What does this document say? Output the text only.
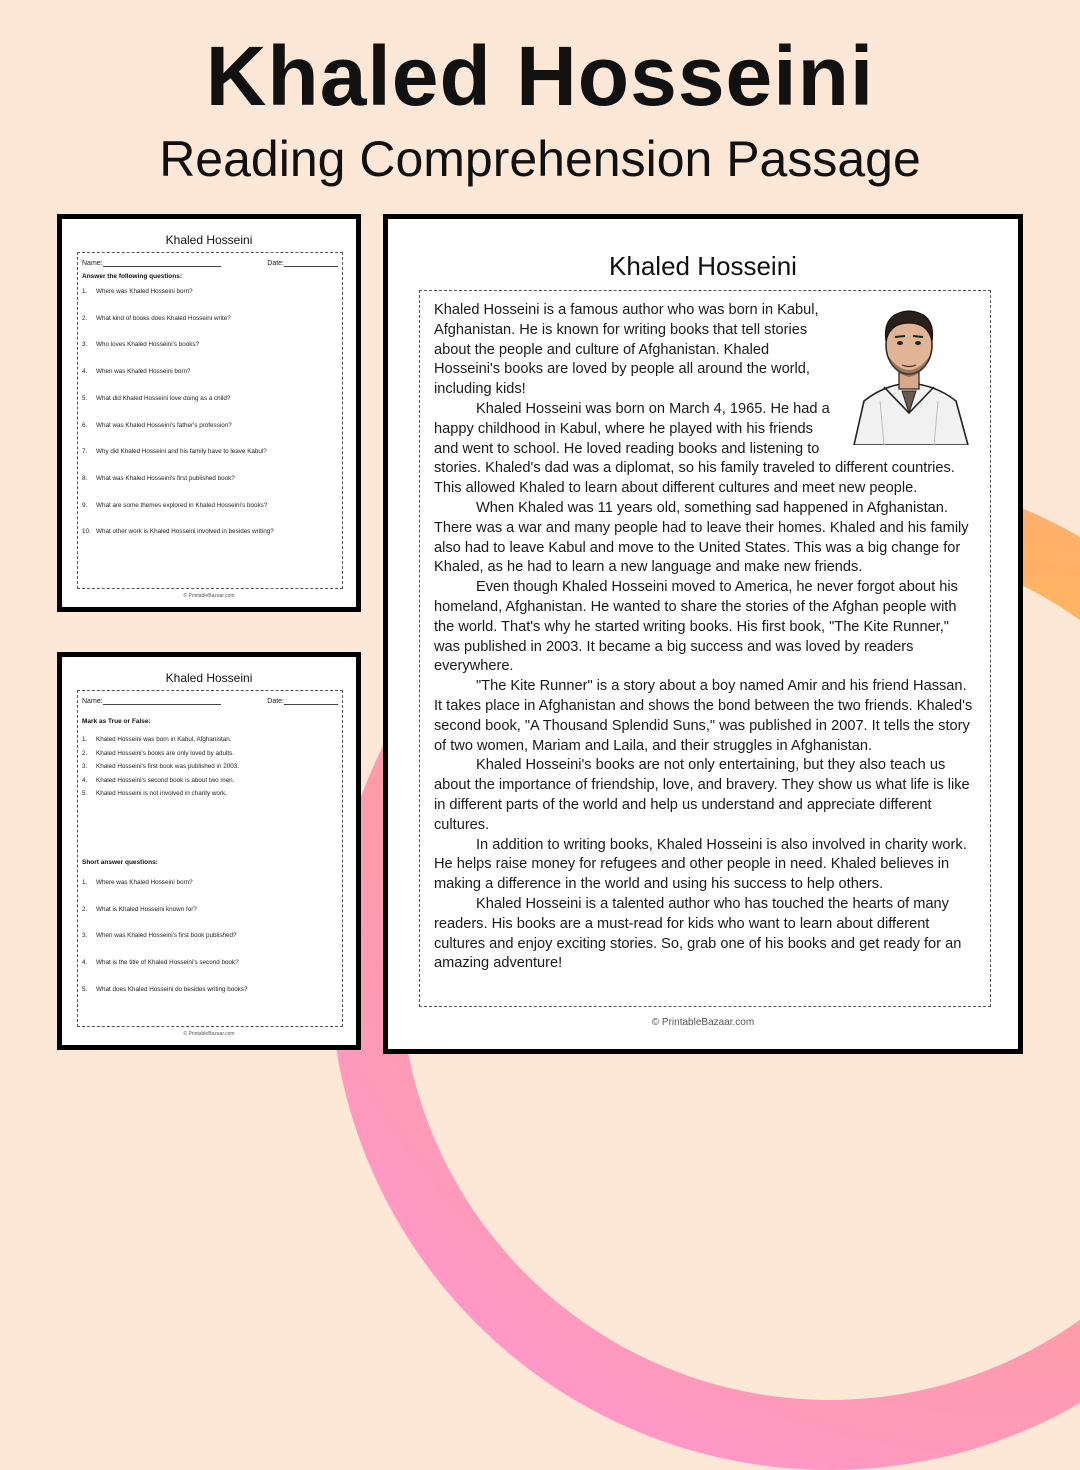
Khaled Hosseini
Reading Comprehension Passage
Khaled Hosseini
Name:	Date:
Answer the following questions:
1. Where was Khaled Hosseini born?
2. What kind of books does Khaled Hosseini write?
3. Who loves Khaled Hosseini's books?
4. When was Khaled Hosseini born?
5. What did Khaled Hosseini love doing as a child?
6. What was Khaled Hosseini's father's profession?
7. Why did Khaled Hosseini and his family have to leave Kabul?
8. What was Khaled Hosseini's first published book?
9. What are some themes explored in Khaled Hosseini's books?
10. What other work is Khaled Hosseini involved in besides writing?
© PrintableBazaar.com
Khaled Hosseini
Name:	Date:
Mark as True or False:
1. Khaled Hosseini was born in Kabul, Afghanistan.
2. Khaled Hosseini's books are only loved by adults.
3. Khaled Hosseini's first book was published in 2003.
4. Khaled Hosseini's second book is about two men.
5. Khaled Hosseini is not involved in charity work.
Short answer questions:
1. Where was Khaled Hosseini born?
2. What is Khaled Hosseini known for?
3. When was Khaled Hosseini's first book published?
4. What is the title of Khaled Hosseini's second book?
5. What does Khaled Hosseini do besides writing books?
© PrintableBazaar.com
Khaled Hosseini

Khaled Hosseini is a famous author who was born in Kabul, Afghanistan. He is known for writing books that tell stories about the people and culture of Afghanistan. Khaled Hosseini's books are loved by people all around the world, including kids!

Khaled Hosseini was born on March 4, 1965. He had a happy childhood in Kabul, where he played with his friends and went to school. He loved reading books and listening to stories. Khaled's dad was a diplomat, so his family traveled to different countries. This allowed Khaled to learn about different cultures and meet new people.

When Khaled was 11 years old, something sad happened in Afghanistan. There was a war and many people had to leave their homes. Khaled and his family also had to leave Kabul and move to the United States. This was a big change for Khaled, as he had to learn a new language and make new friends.

Even though Khaled Hosseini moved to America, he never forgot about his homeland, Afghanistan. He wanted to share the stories of the Afghan people with the world. That's why he started writing books. His first book, "The Kite Runner," was published in 2003. It became a big success and was loved by readers everywhere.

"The Kite Runner" is a story about a boy named Amir and his friend Hassan. It takes place in Afghanistan and shows the bond between the two friends. Khaled's second book, "A Thousand Splendid Suns," was published in 2007. It tells the story of two women, Mariam and Laila, and their struggles in Afghanistan.

Khaled Hosseini's books are not only entertaining, but they also teach us about the importance of friendship, love, and bravery. They show us what life is like in different parts of the world and help us understand and appreciate different cultures.

In addition to writing books, Khaled Hosseini is also involved in charity work. He helps raise money for refugees and other people in need. Khaled believes in making a difference in the world and using his success to help others.

Khaled Hosseini is a talented author who has touched the hearts of many readers. His books are a must-read for kids who want to learn about different cultures and enjoy exciting stories. So, grab one of his books and get ready for an amazing adventure!

© PrintableBazaar.com
